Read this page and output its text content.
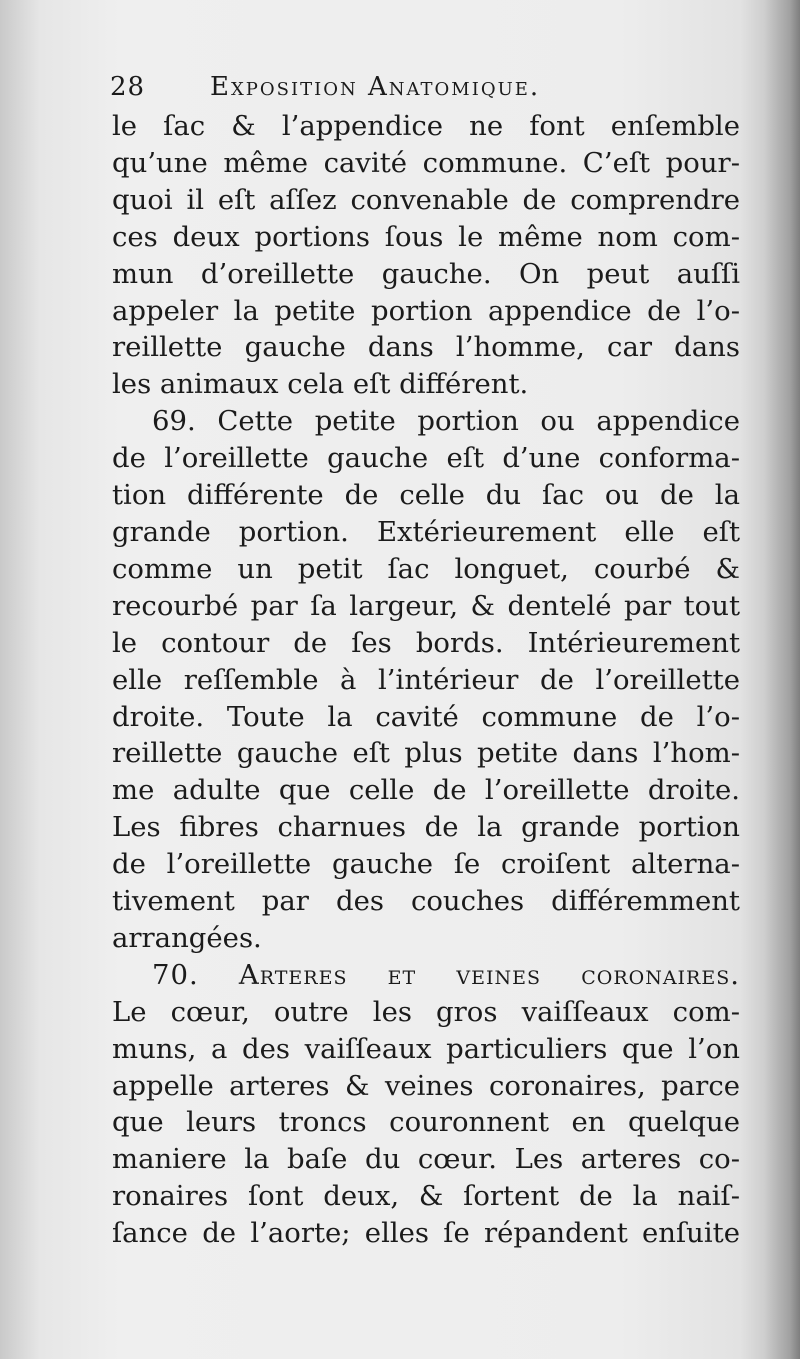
28 Exposition Anatomique.
le ſac & l’appendice ne font enſemble
qu’une même cavité commune. C’eſt pour-
quoi il eſt aſſez convenable de comprendre
ces deux portions ſous le même nom com-
mun d’oreillette gauche. On peut auſſi
appeler la petite portion appendice de l’o-
reillette gauche dans l’homme, car dans
les animaux cela eſt différent.
69. Cette petite portion ou appendice
de l’oreillette gauche eſt d’une conforma-
tion différente de celle du ſac ou de la
grande portion. Extérieurement elle eſt
comme un petit ſac longuet, courbé &
recourbé par ſa largeur, & dentelé par tout
le contour de ſes bords. Intérieurement
elle reſſemble à l’intérieur de l’oreillette
droite. Toute la cavité commune de l’o-
reillette gauche eſt plus petite dans l’hom-
me adulte que celle de l’oreillette droite.
Les fibres charnues de la grande portion
de l’oreillette gauche ſe croiſent alterna-
tivement par des couches différemment
arrangées.
70. Arteres et veines coronaires.
Le cœur, outre les gros vaiſſeaux com-
muns, a des vaiſſeaux particuliers que l’on
appelle arteres & veines coronaires, parce
que leurs troncs couronnent en quelque
maniere la baſe du cœur. Les arteres co-
ronaires ſont deux, & ſortent de la naiſ-
ſance de l’aorte; elles ſe répandent enſuite
